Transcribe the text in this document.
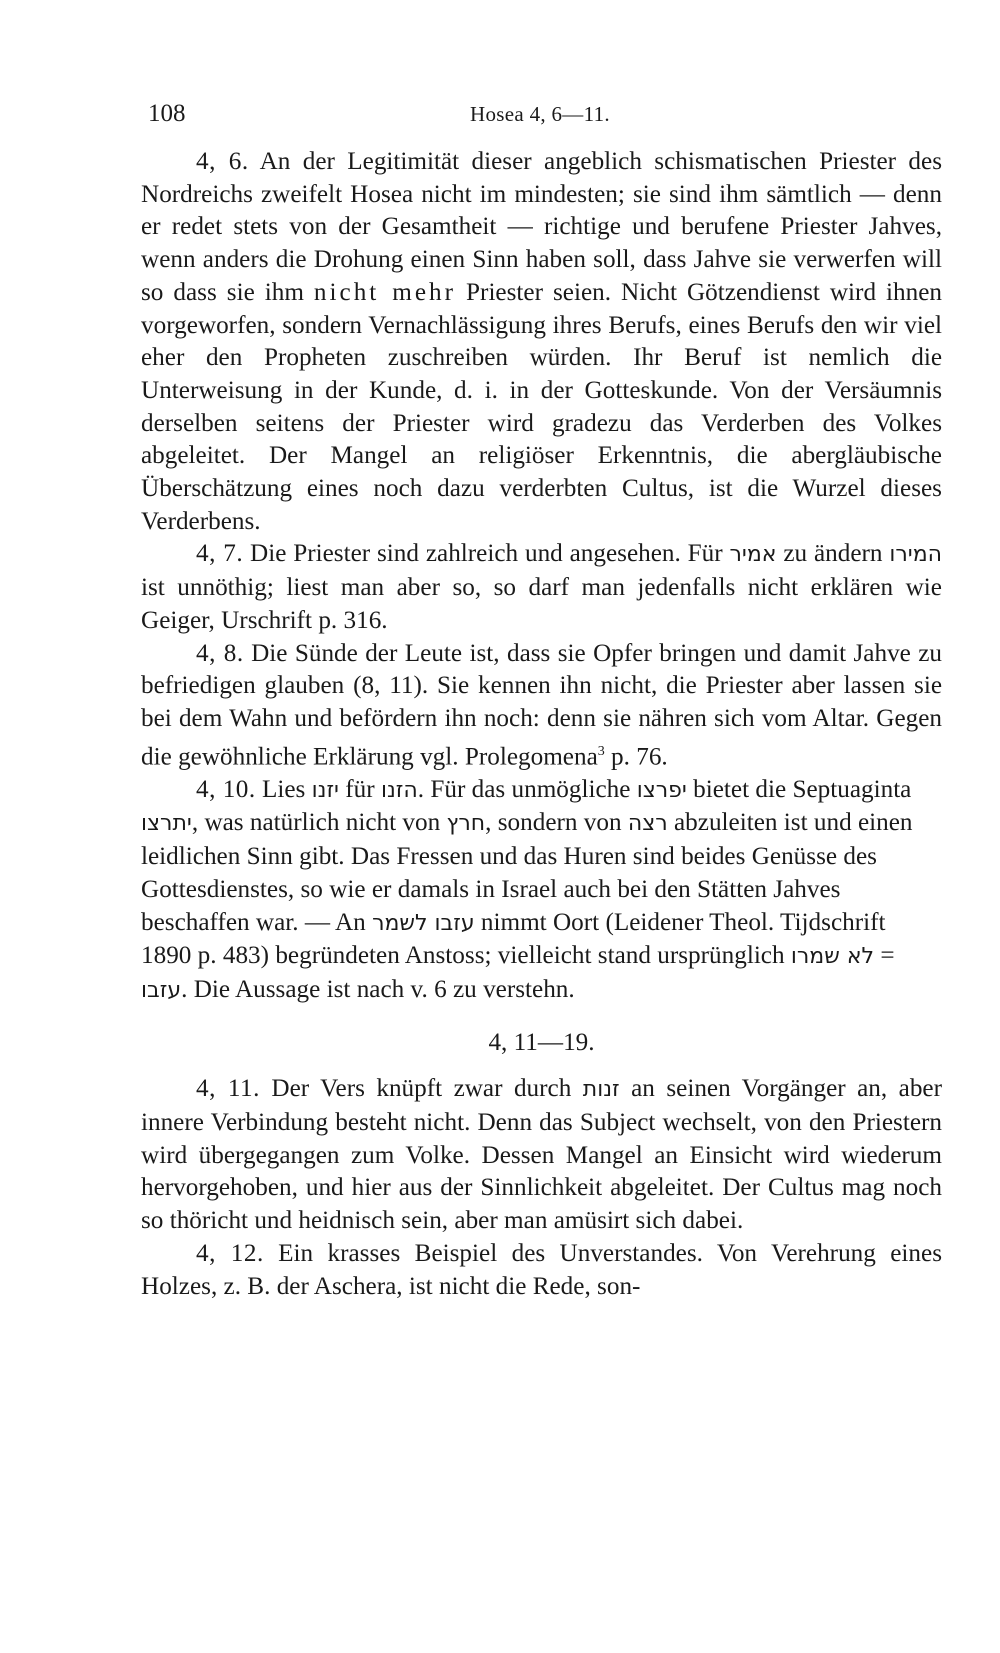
108	Hosea 4, 6—11.

4, 6. An der Legitimität dieser angeblich schismatischen Priester des Nordreichs zweifelt Hosea nicht im mindesten; sie sind ihm sämtlich — denn er redet stets von der Gesamtheit — richtige und berufene Priester Jahves, wenn anders die Drohung einen Sinn haben soll, dass Jahve sie verwerfen will so dass sie ihm nicht mehr Priester seien. Nicht Götzendienst wird ihnen vorgeworfen, sondern Vernachlässigung ihres Berufs, eines Berufs den wir viel eher den Propheten zuschreiben würden. Ihr Beruf ist nemlich die Unterweisung in der Kunde, d. i. in der Gotteskunde. Von der Versäumnis derselben seitens der Priester wird gradezu das Verderben des Volkes abgeleitet. Der Mangel an religiöser Erkenntnis, die abergläubische Überschätzung eines noch dazu verderbten Cultus, ist die Wurzel dieses Verderbens.

4, 7. Die Priester sind zahlreich und angesehen. Für אמיר zu ändern המירו ist unnöthig; liest man aber so, so darf man jedenfalls nicht erklären wie Geiger, Urschrift p. 316.

4, 8. Die Sünde der Leute ist, dass sie Opfer bringen und damit Jahve zu befriedigen glauben (8, 11). Sie kennen ihn nicht, die Priester aber lassen sie bei dem Wahn und befördern ihn noch: denn sie nähren sich vom Altar. Gegen die gewöhnliche Erklärung vgl. Prolegomena$^3$ p. 76.

4, 10. Lies יזנו für הזנו. Für das unmögliche יפרצו bietet die Septuaginta יתרצו, was natürlich nicht von חרץ, sondern von רצה abzuleiten ist und einen leidlichen Sinn gibt. Das Fressen und das Huren sind beides Genüsse des Gottesdienstes, so wie er damals in Israel auch bei den Stätten Jahves beschaffen war. — An עזבו לשמר nimmt Oort (Leidener Theol. Tijdschrift 1890 p. 483) begründeten Anstoss; vielleicht stand ursprünglich לא שמרו = עזבו. Die Aussage ist nach v. 6 zu verstehn.

4, 11—19.

4, 11. Der Vers knüpft zwar durch זנות an seinen Vorgänger an, aber innere Verbindung besteht nicht. Denn das Subject wechselt, von den Priestern wird übergegangen zum Volke. Dessen Mangel an Einsicht wird wiederum hervorgehoben, und hier aus der Sinnlichkeit abgeleitet. Der Cultus mag noch so thöricht und heidnisch sein, aber man amüsirt sich dabei.

4, 12. Ein krasses Beispiel des Unverstandes. Von Verehrung eines Holzes, z. B. der Aschera, ist nicht die Rede, son-
